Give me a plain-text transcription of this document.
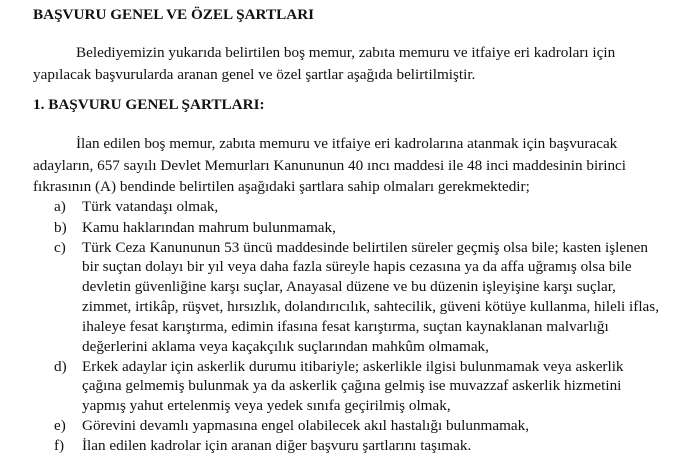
BAŞVURU GENEL VE ÖZEL ŞARTLARI
Belediyemizin yukarıda belirtilen boş memur, zabıta memuru ve itfaiye eri kadroları için
yapılacak başvurularda aranan genel ve özel şartlar aşağıda belirtilmiştir.
1. BAŞVURU GENEL ŞARTLARI:
İlan edilen boş memur, zabıta memuru ve itfaiye eri kadrolarına atanmak için başvuracak
adayların, 657 sayılı Devlet Memurları Kanununun 40 ıncı maddesi ile 48 inci maddesinin birinci
fıkrasının (A) bendinde belirtilen aşağıdaki şartlara sahip olmaları gerekmektedir;
a) Türk vatandaşı olmak,
b) Kamu haklarından mahrum bulunmamak,
c) Türk Ceza Kanununun 53 üncü maddesinde belirtilen süreler geçmiş olsa bile; kasten işlenen
bir suçtan dolayı bir yıl veya daha fazla süreyle hapis cezasına ya da affa uğramış olsa bile
devletin güvenliğine karşı suçlar, Anayasal düzene ve bu düzenin işleyişine karşı suçlar,
zimmet, irtikâp, rüşvet, hırsızlık, dolandırıcılık, sahtecilik, güveni kötüye kullanma, hileli iflas,
ihaleye fesat karıştırma, edimin ifasına fesat karıştırma, suçtan kaynaklanan malvarlığı
değerlerini aklama veya kaçakçılık suçlarından mahkûm olmamak,
d) Erkek adaylar için askerlik durumu itibariyle; askerlikle ilgisi bulunmamak veya askerlik
çağına gelmemiş bulunmak ya da askerlik çağına gelmiş ise muvazzaf askerlik hizmetini
yapmış yahut ertelenmiş veya yedek sınıfa geçirilmiş olmak,
e) Görevini devamlı yapmasına engel olabilecek akıl hastalığı bulunmamak,
f) İlan edilen kadrolar için aranan diğer başvuru şartlarını taşımak.
